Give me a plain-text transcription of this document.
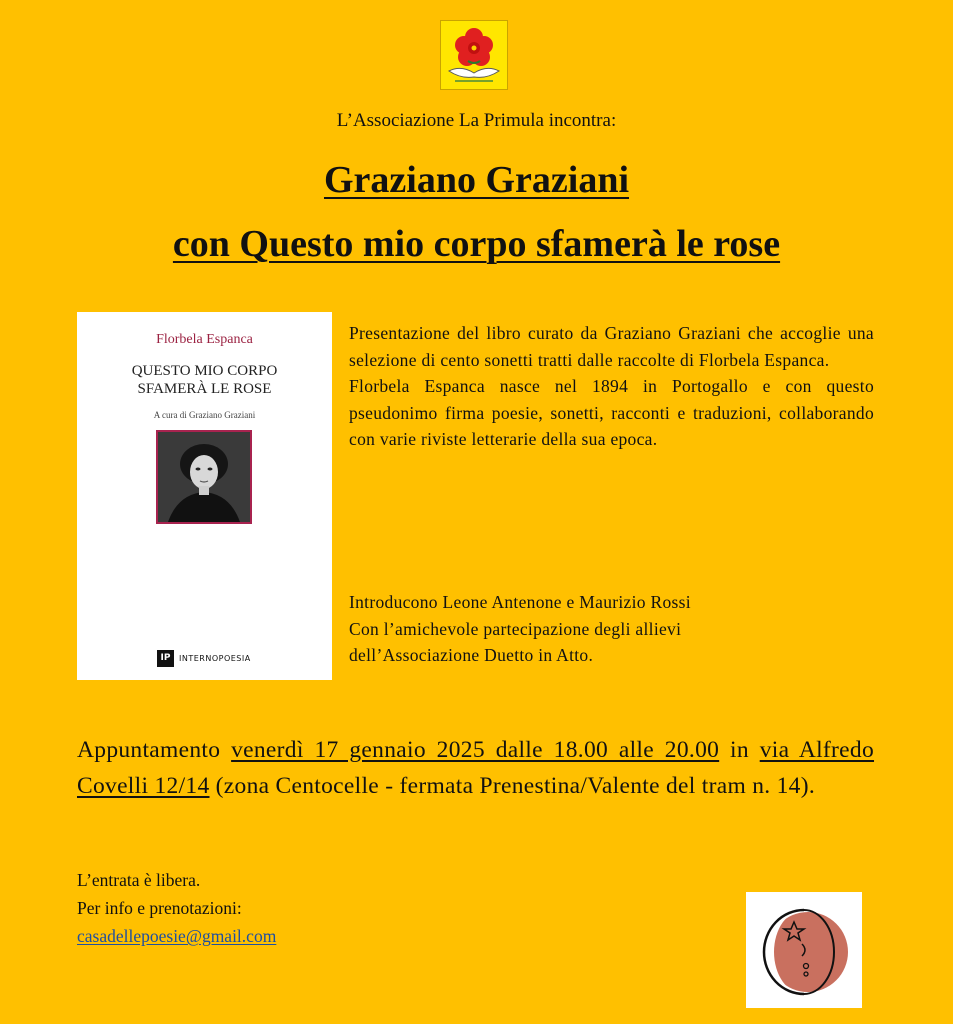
L’Associazione La Primula incontra:
Graziano Graziani
con Questo mio corpo sfamerà le rose
Florbela Espanca
QUESTO MIO CORPO
SFAMERÀ LE ROSE
A cura di Graziano Graziani
IP	INTERNOPOESIA

Presentazione del libro curato da Graziano Graziani che accoglie una selezione di cento sonetti tratti dalle raccolte di Florbela Espanca.

Florbela Espanca nasce nel 1894 in Portogallo e con questo pseudonimo firma poesie, sonetti, racconti e traduzioni, collaborando con varie riviste letterarie della sua epoca.

Introducono Leone Antenone e Maurizio Rossi

Con l’amichevole partecipazione degli allievi

dell’Associazione Duetto in Atto.

Appuntamento venerdì 17 gennaio 2025 dalle 18.00 alle 20.00 in via Alfredo Covelli 12/14 (zona Centocelle - fermata Prenestina/Valente del tram n. 14).

L’entrata è libera.

Per info e prenotazioni:

casadellepoesie@gmail.com
